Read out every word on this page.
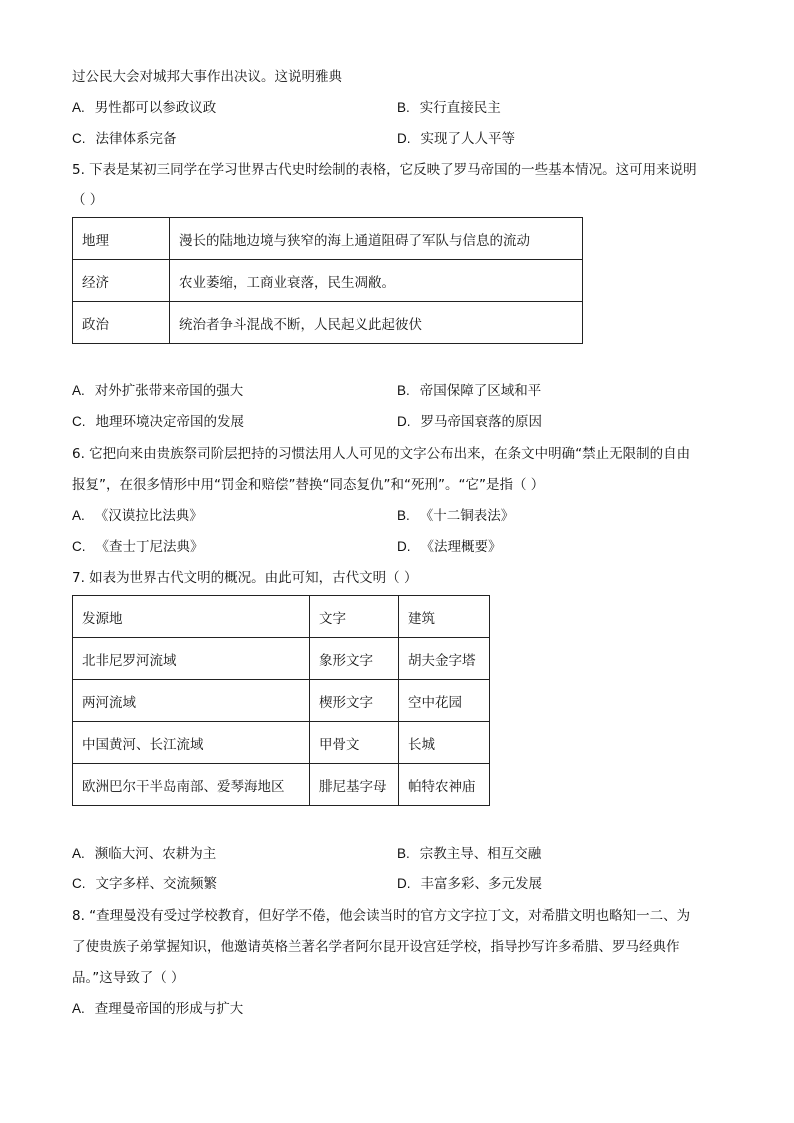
过公民大会对城邦大事作出决议。这说明雅典
A. 男性都可以参政议政	B. 实行直接民主
C. 法律体系完备	D. 实现了人人平等
5. 下表是某初三同学在学习世界古代史时绘制的表格，它反映了罗马帝国的一些基本情况。这可用来说明
（ ）
地理	漫长的陆地边境与狭窄的海上通道阻碍了军队与信息的流动
经济	农业萎缩，工商业衰落，民生凋敝。
政治	统治者争斗混战不断，人民起义此起彼伏
A. 对外扩张带来帝国的强大	B. 帝国保障了区域和平
C. 地理环境决定帝国的发展	D. 罗马帝国衰落的原因
6. 它把向来由贵族祭司阶层把持的习惯法用人人可见的文字公布出来，在条文中明确“禁止无限制的自由
报复”，在很多情形中用“罚金和赔偿”替换“同态复仇”和“死刑”。“它”是指（ ）
A. 《汉谟拉比法典》	B. 《十二铜表法》
C. 《查士丁尼法典》	D. 《法理概要》
7. 如表为世界古代文明的概况。由此可知，古代文明（ ）
发源地	文字	建筑
北非尼罗河流域	象形文字	胡夫金字塔
两河流域	楔形文字	空中花园
中国黄河、长江流域	甲骨文	长城
欧洲巴尔干半岛南部、爱琴海地区	腓尼基字母	帕特农神庙
A. 濒临大河、农耕为主	B. 宗教主导、相互交融
C. 文字多样、交流频繁	D. 丰富多彩、多元发展
8. “查理曼没有受过学校教育，但好学不倦，他会读当时的官方文字拉丁文，对希腊文明也略知一二、为
了使贵族子弟掌握知识，他邀请英格兰著名学者阿尔昆开设宫廷学校，指导抄写许多希腊、罗马经典作
品。”这导致了（ ）
A. 查理曼帝国的形成与扩大
